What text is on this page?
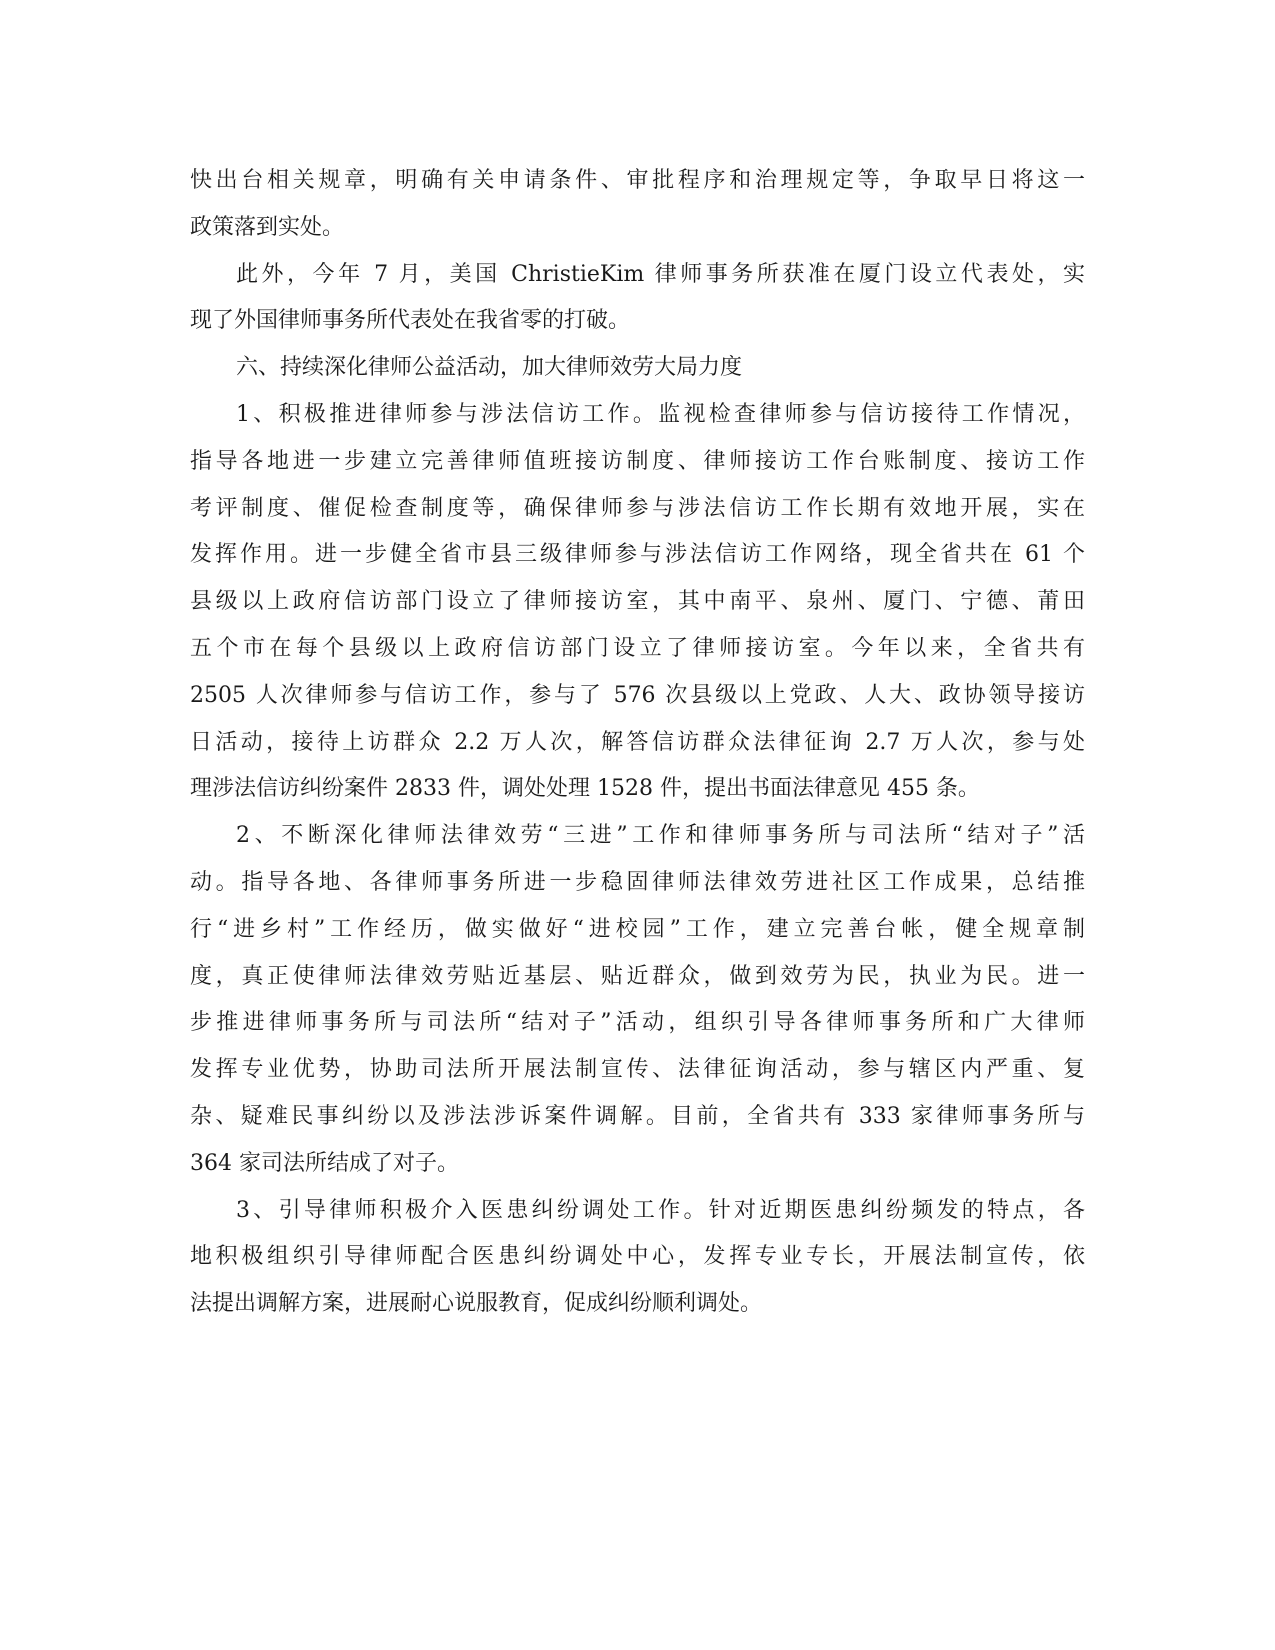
快出台相关规章，明确有关申请条件、审批程序和治理规定等，争取早日将这一
政策落到实处。
此外，今年 7 月，美国 ChristieKim 律师事务所获准在厦门设立代表处，实
现了外国律师事务所代表处在我省零的打破。
六、持续深化律师公益活动，加大律师效劳大局力度
1、积极推进律师参与涉法信访工作。监视检查律师参与信访接待工作情况，
指导各地进一步建立完善律师值班接访制度、律师接访工作台账制度、接访工作
考评制度、催促检查制度等，确保律师参与涉法信访工作长期有效地开展，实在
发挥作用。进一步健全省市县三级律师参与涉法信访工作网络，现全省共在 61 个
县级以上政府信访部门设立了律师接访室，其中南平、泉州、厦门、宁德、莆田
五个市在每个县级以上政府信访部门设立了律师接访室。今年以来，全省共有
2505 人次律师参与信访工作，参与了 576 次县级以上党政、人大、政协领导接访
日活动，接待上访群众 2.2 万人次，解答信访群众法律征询 2.7 万人次，参与处
理涉法信访纠纷案件 2833 件，调处处理 1528 件，提出书面法律意见 455 条。
2、不断深化律师法律效劳“三进”工作和律师事务所与司法所“结对子”活
动。指导各地、各律师事务所进一步稳固律师法律效劳进社区工作成果，总结推
行“进乡村”工作经历，做实做好“进校园”工作，建立完善台帐，健全规章制
度，真正使律师法律效劳贴近基层、贴近群众，做到效劳为民，执业为民。进一
步推进律师事务所与司法所“结对子”活动，组织引导各律师事务所和广大律师
发挥专业优势，协助司法所开展法制宣传、法律征询活动，参与辖区内严重、复
杂、疑难民事纠纷以及涉法涉诉案件调解。目前，全省共有 333 家律师事务所与
364 家司法所结成了对子。
3、引导律师积极介入医患纠纷调处工作。针对近期医患纠纷频发的特点，各
地积极组织引导律师配合医患纠纷调处中心，发挥专业专长，开展法制宣传，依
法提出调解方案，进展耐心说服教育，促成纠纷顺利调处。
